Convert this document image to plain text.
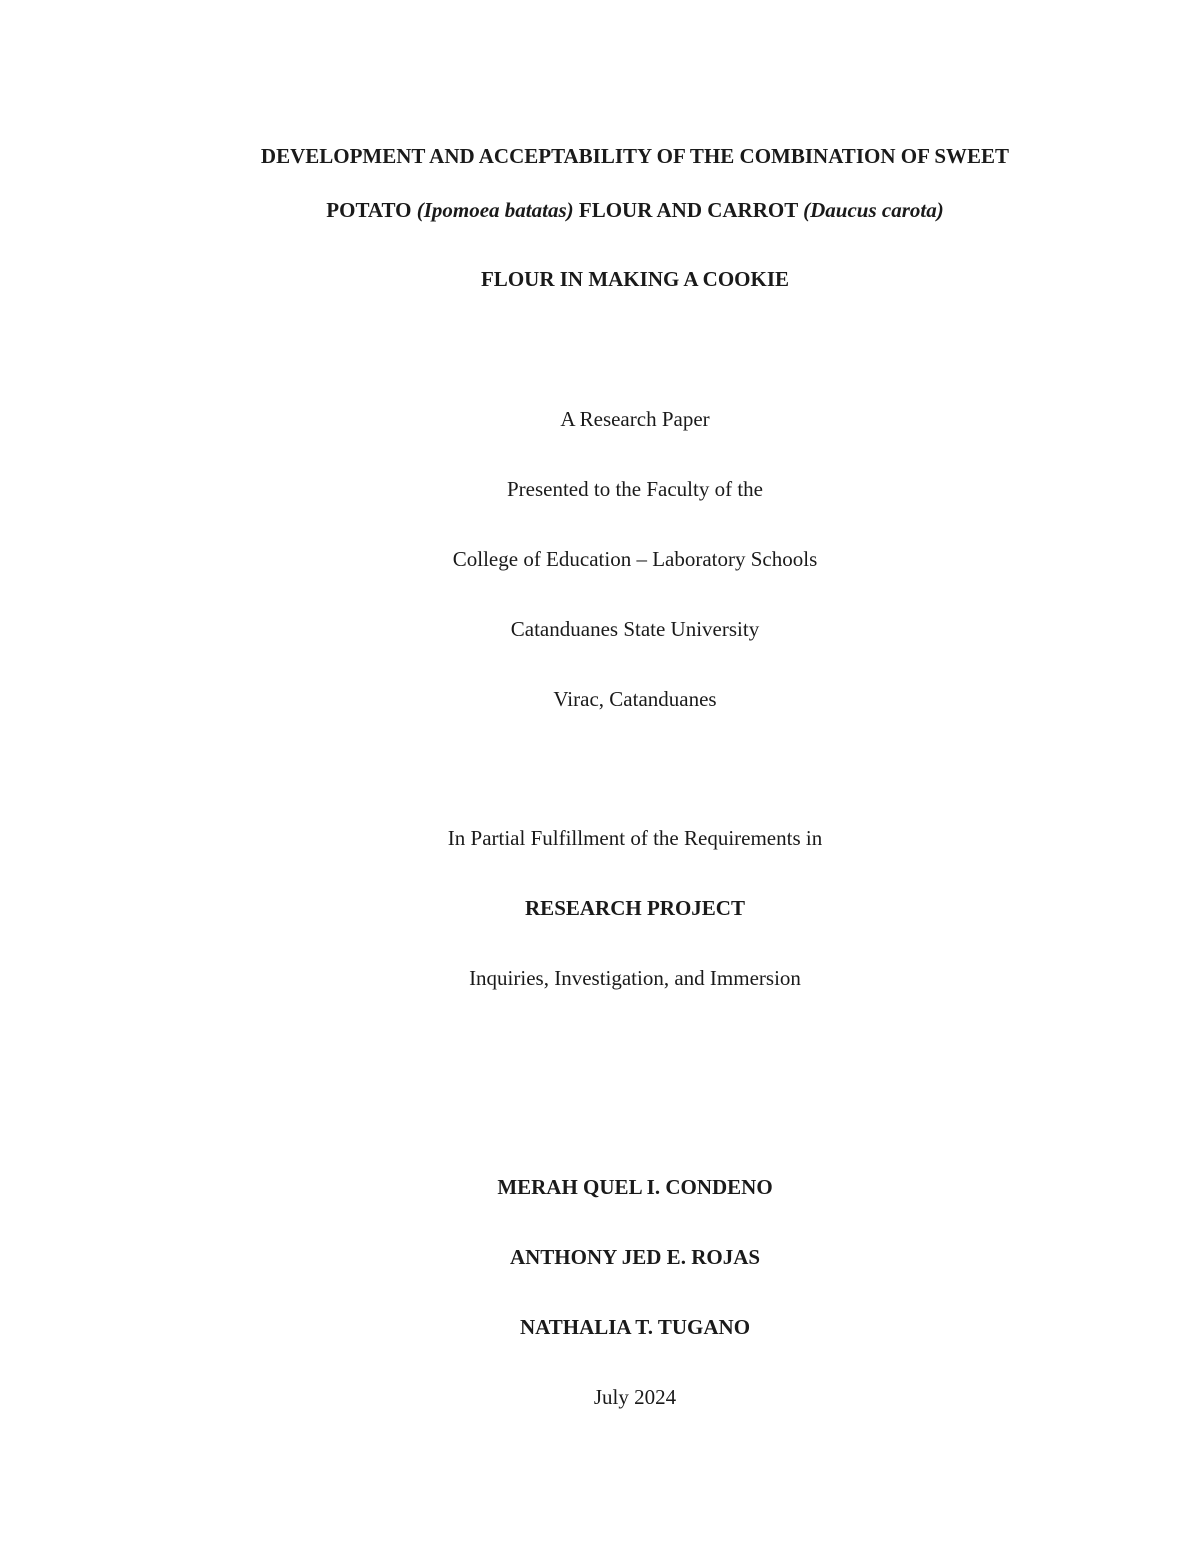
DEVELOPMENT AND ACCEPTABILITY OF THE COMBINATION OF SWEET
POTATO (Ipomoea batatas) FLOUR AND CARROT (Daucus carota)
FLOUR IN MAKING A COOKIE
A Research Paper
Presented to the Faculty of the
College of Education – Laboratory Schools
Catanduanes State University
Virac, Catanduanes
In Partial Fulfillment of the Requirements in
RESEARCH PROJECT
Inquiries, Investigation, and Immersion
MERAH QUEL I. CONDENO
ANTHONY JED E. ROJAS
NATHALIA T. TUGANO
July 2024
